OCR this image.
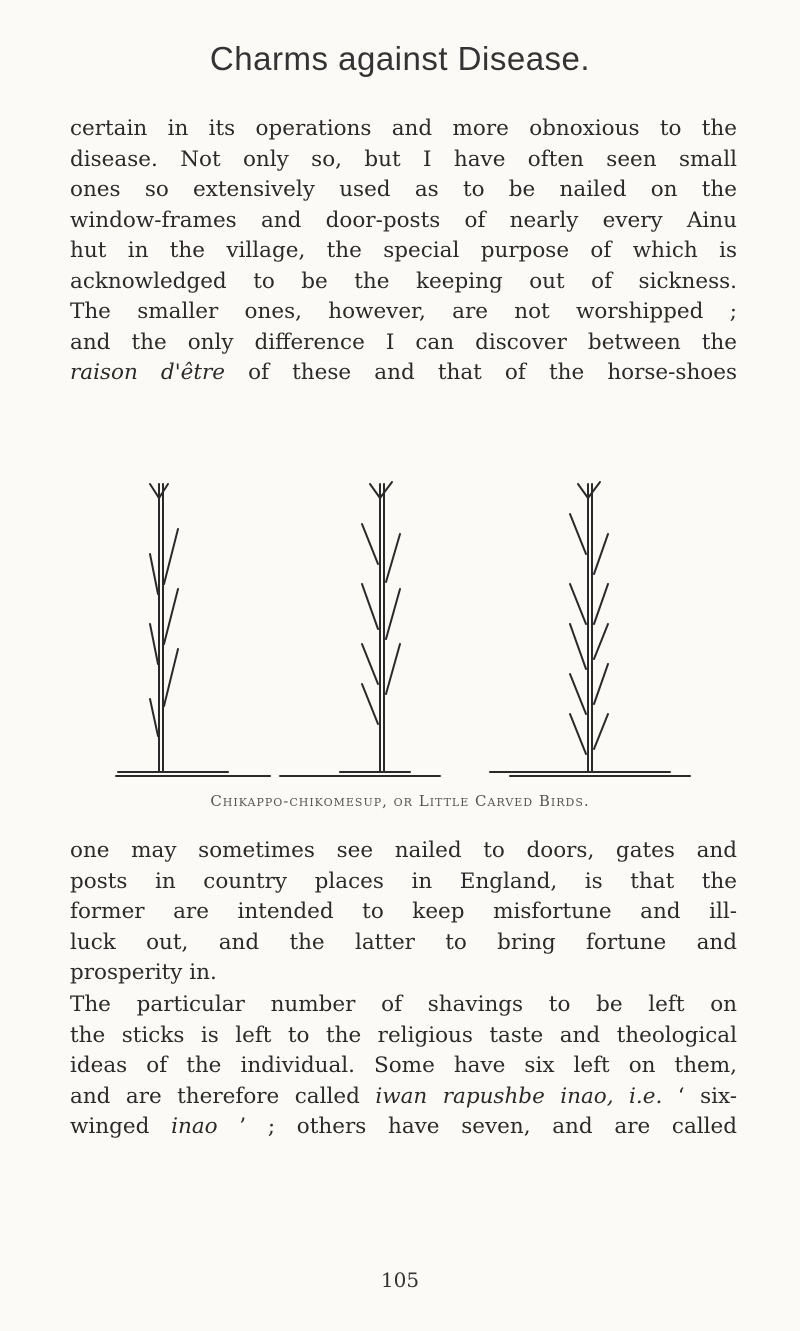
Charms against Disease.

certain in its operations and more obnoxious to the
disease. Not only so, but I have often seen small
ones so extensively used as to be nailed on the
window-frames and door-posts of nearly every Ainu
hut in the village, the special purpose of which is
acknowledged to be the keeping out of sickness.
The smaller ones, however, are not worshipped ;
and the only difference I can discover between the
raison d'être of these and that of the horse-shoes

Chikappo-chikomesup, or Little Carved Birds.

one may sometimes see nailed to doors, gates and
posts in country places in England, is that the
former are intended to keep misfortune and ill-
luck out, and the latter to bring fortune and
prosperity in.

The particular number of shavings to be left on
the sticks is left to the religious taste and theological
ideas of the individual. Some have six left on them,
and are therefore called iwan rapushbe inao, i.e. ‘ six-
winged inao ’ ; others have seven, and are called

105
